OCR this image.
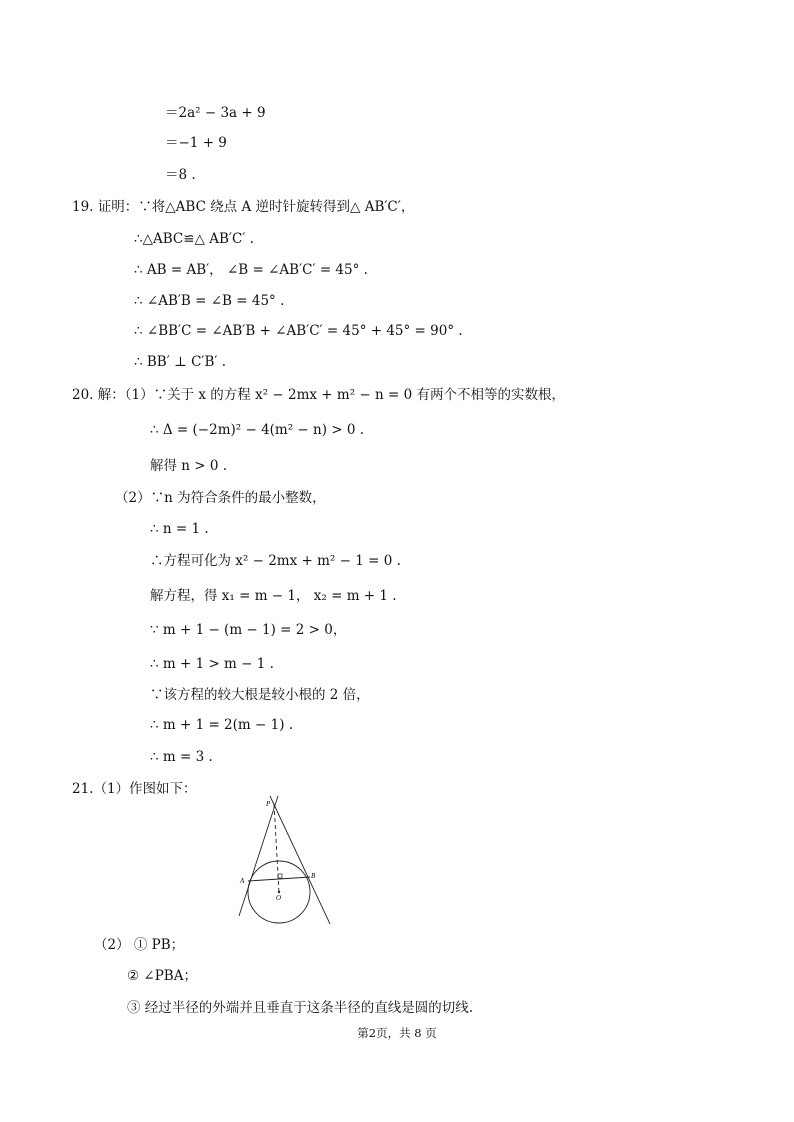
＝2a² − 3a + 9
＝−1 + 9
＝8 .
19. 证明：∵将△ABC 绕点 A 逆时针旋转得到△ AB′C′，
∴△ABC≌△ AB′C′ .
∴ AB = AB′， ∠B = ∠AB′C′ = 45° .
∴ ∠AB′B = ∠B = 45° .
∴ ∠BB′C = ∠AB′B + ∠AB′C′ = 45° + 45° = 90° .
∴ BB′ ⊥ C′B′ .
20. 解：（1）∵关于 x 的方程 x² − 2mx + m² − n = 0 有两个不相等的实数根，
∴ Δ = (−2m)² − 4(m² − n) > 0 .
解得 n > 0 .
（2）∵n 为符合条件的最小整数，
∴ n = 1 .
∴方程可化为 x² − 2mx + m² − 1 = 0 .
解方程，得 x₁ = m − 1， x₂ = m + 1 .
∵ m + 1 − (m − 1) = 2 > 0，
∴ m + 1 > m − 1 .
∵该方程的较大根是较小根的 2 倍，
∴ m + 1 = 2(m − 1) .
∴ m = 3 .
21.（1）作图如下：
P
A
B
O
（2） ① PB；
② ∠PBA；
③ 经过半径的外端并且垂直于这条半径的直线是圆的切线.
第2页，共 8 页
